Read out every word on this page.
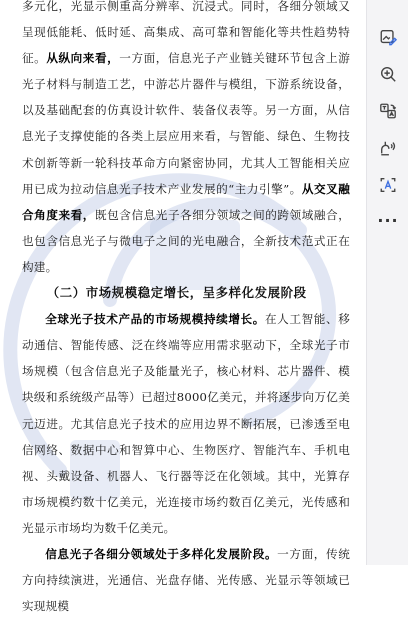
多元化，光显示侧重高分辨率、沉浸式。同时，各细分领域又呈现低能耗、低时延、高集成、高可靠和智能化等共性趋势特征。从纵向来看，一方面，信息光子产业链关键环节包含上游光子材料与制造工艺，中游芯片器件与模组，下游系统设备，以及基础配套的仿真设计软件、装备仪表等。另一方面，从信息光子支撑使能的各类上层应用来看，与智能、绿色、生物技术创新等新一轮科技革命方向紧密协同，尤其人工智能相关应用已成为拉动信息光子技术产业发展的“主力引擎”。从交叉融合角度来看，既包含信息光子各细分领域之间的跨领域融合，也包含信息光子与微电子之间的光电融合，全新技术范式正在构建。

（二）市场规模稳定增长，呈多样化发展阶段

全球光子技术产品的市场规模持续增长。在人工智能、移动通信、智能传感、泛在终端等应用需求驱动下，全球光子市场规模（包含信息光子及能量光子，核心材料、芯片器件、模块级和系统级产品等）已超过8000亿美元，并将逐步向万亿美元迈进。尤其信息光子技术的应用边界不断拓展，已渗透至电信网络、数据中心和智算中心、生物医疗、智能汽车、手机电视、头戴设备、机器人、飞行器等泛在化领域。其中，光算存市场规模约数十亿美元，光连接市场约数百亿美元，光传感和光显示市场均为数千亿美元。

信息光子各细分领域处于多样化发展阶段。一方面，传统方向持续演进，光通信、光盘存储、光传感、光显示等领域已实现规模

···
